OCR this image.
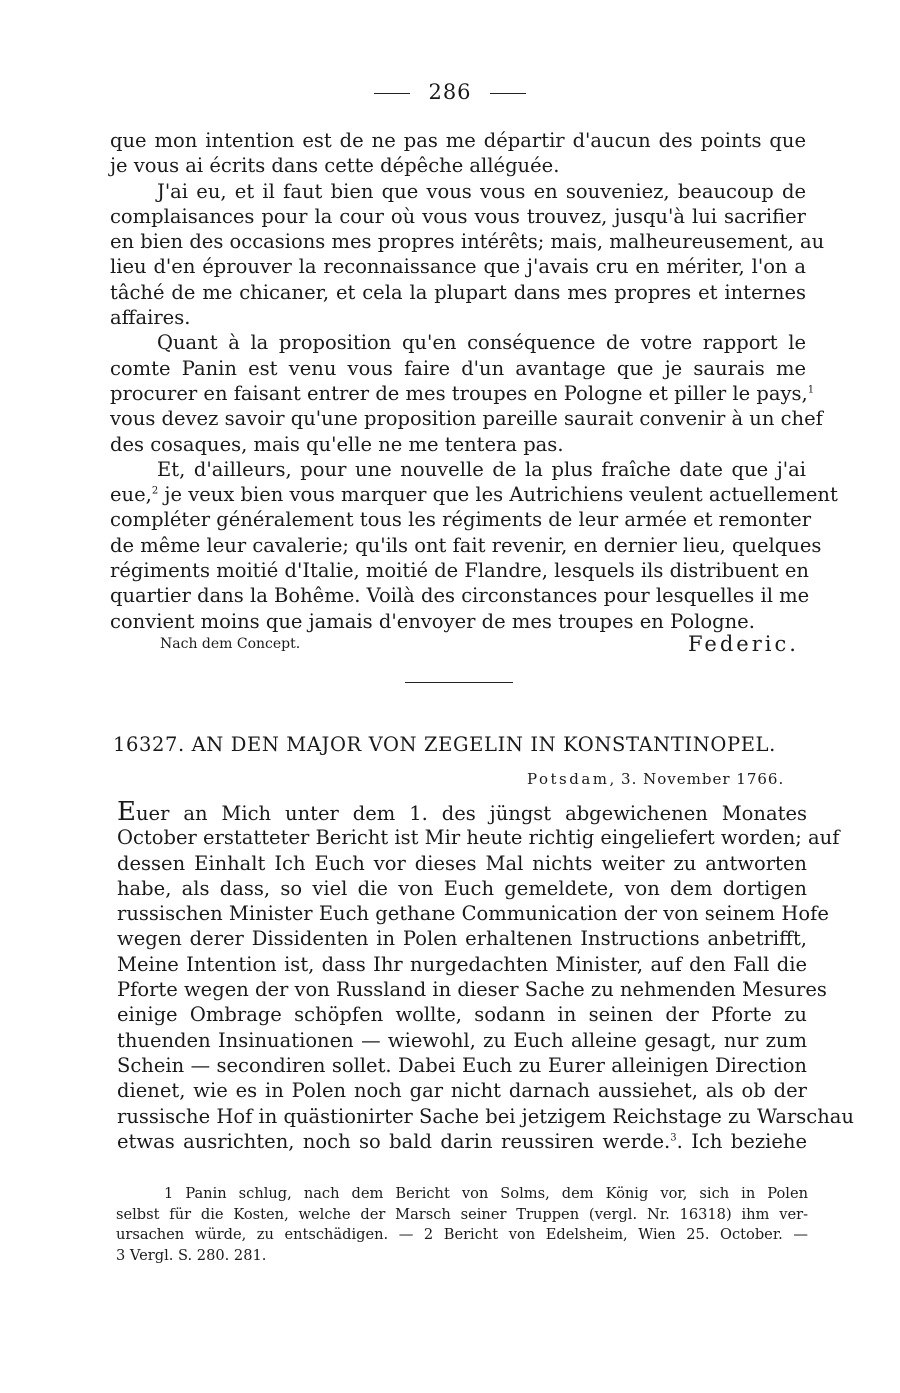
286
que mon intention est de ne pas me départir d'aucun des points que
je vous ai écrits dans cette dépêche alléguée.
J'ai eu, et il faut bien que vous vous en souveniez, beaucoup de
complaisances pour la cour où vous vous trouvez, jusqu'à lui sacrifier
en bien des occasions mes propres intérêts; mais, malheureusement, au
lieu d'en éprouver la reconnaissance que j'avais cru en mériter, l'on a
tâché de me chicaner, et cela la plupart dans mes propres et internes
affaires.
Quant à la proposition qu'en conséquence de votre rapport le
comte Panin est venu vous faire d'un avantage que je saurais me
procurer en faisant entrer de mes troupes en Pologne et piller le pays,$^1$
vous devez savoir qu'une proposition pareille saurait convenir à un chef
des cosaques, mais qu'elle ne me tentera pas.
Et, d'ailleurs, pour une nouvelle de la plus fraîche date que j'ai
eue,$^2$ je veux bien vous marquer que les Autrichiens veulent actuellement
compléter généralement tous les régiments de leur armée et remonter
de même leur cavalerie; qu'ils ont fait revenir, en dernier lieu, quelques
régiments moitié d'Italie, moitié de Flandre, lesquels ils distribuent en
quartier dans la Bohême. Voilà des circonstances pour lesquelles il me
convient moins que jamais d'envoyer de mes troupes en Pologne.
Nach dem Concept.	Federic.
16327. AN DEN MAJOR VON ZEGELIN IN KONSTANTINOPEL.
Potsdam, 3. November 1766.
Euer an Mich unter dem 1. des jüngst abgewichenen Monates
October erstatteter Bericht ist Mir heute richtig eingeliefert worden; auf
dessen Einhalt Ich Euch vor dieses Mal nichts weiter zu antworten
habe, als dass, so viel die von Euch gemeldete, von dem dortigen
russischen Minister Euch gethane Communication der von seinem Hofe
wegen derer Dissidenten in Polen erhaltenen Instructions anbetrifft,
Meine Intention ist, dass Ihr nurgedachten Minister, auf den Fall die
Pforte wegen der von Russland in dieser Sache zu nehmenden Mesures
einige Ombrage schöpfen wollte, sodann in seinen der Pforte zu
thuenden Insinuationen — wiewohl, zu Euch alleine gesagt, nur zum
Schein — secondiren sollet. Dabei Euch zu Eurer alleinigen Direction
dienet, wie es in Polen noch gar nicht darnach aussiehet, als ob der
russische Hof in quästionirter Sache bei jetzigem Reichstage zu Warschau
etwas ausrichten, noch so bald darin reussiren werde.$^3$. Ich beziehe
1 Panin schlug, nach dem Bericht von Solms, dem König vor, sich in Polen
selbst für die Kosten, welche der Marsch seiner Truppen (vergl. Nr. 16318) ihm ver-
ursachen würde, zu entschädigen. — 2 Bericht von Edelsheim, Wien 25. October. —
3 Vergl. S. 280. 281.
